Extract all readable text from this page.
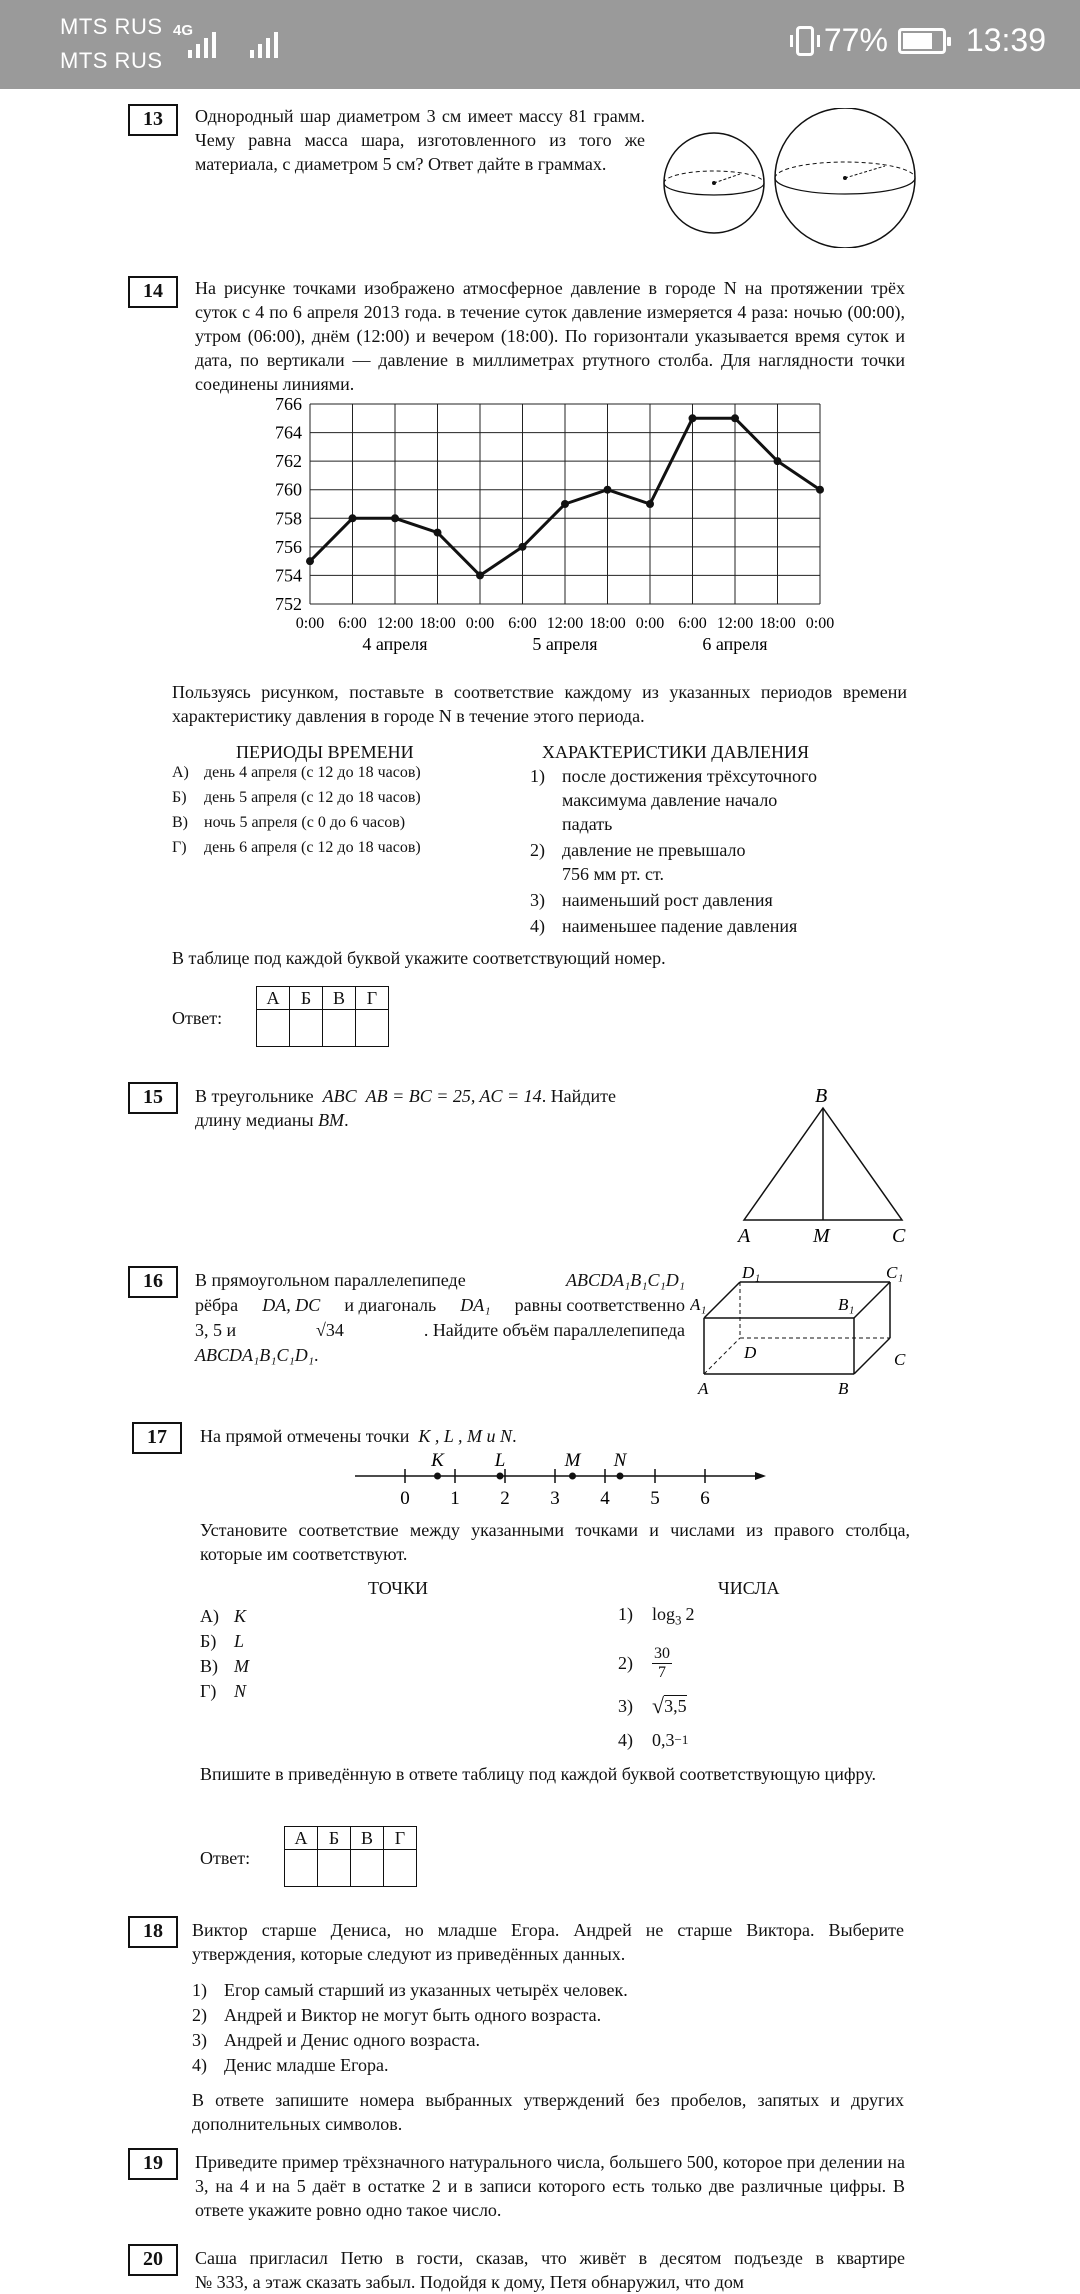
MTS RUS
MTS RUS
4G	77% 13:39
13	Однородный шар диаметром 3 см имеет массу 81 грамм. Чему равна масса шара, изготовленного из того же материала, с диаметром 5 см? Ответ дайте в граммах.
14	На рисунке точками изображено атмосферное давление в городе N на протяжении трёх суток с 4 по 6 апреля 2013 года. в течение суток давление измеряется 4 раза: ночью (00:00), утром (06:00), днём (12:00) и вечером (18:00). По горизонтали указывается время суток и дата, по вертикали — давление в миллиметрах ртутного столба. Для наглядности точки соединены линиями.
752
754
756
758
760
762
764
766
0:00 6:00 12:00 18:00 0:00 6:00 12:00 18:00 0:00 6:00 12:00 18:00 0:00
4 апреля	5 апреля	6 апреля
Пользуясь рисунком, поставьте в соответствие каждому из указанных периодов времени характеристику давления в городе N в течение этого периода.
ПЕРИОДЫ ВРЕМЕНИ	ХАРАКТЕРИСТИКИ ДАВЛЕНИЯ
А) день 4 апреля (с 12 до 18 часов)
Б)	день 5 апреля (с 12 до 18 часов)
В)	ночь 5 апреля (с 0 до 6 часов)
Г)	день 6 апреля (с 12 до 18 часов)
1) после достижения трёхсуточного
максимума давление начало
падать
2) давление не превышало
756 мм рт. ст.
3) наименьший рост давления
4) наименьшее падение давления
В таблице под каждой буквой укажите соответствующий номер.
Ответ:
А	Б	В	Г

15	В треугольнике ABC AB = BC = 25, AC = 14. Найдите
длину медианы BM.
B
A	M	C
16	В прямоугольном параллелепипеде	ABCDA₁B₁C₁D₁
рёбра DA, DC и диагональ DA₁ равны соответственно
3, 5 и	√34	. Найдите объём параллелепипеда
ABCDA₁B₁C₁D₁.
D₁	C₁
A₁	B₁
D	C
A	B
17	На прямой отмечены точки K , L , M и N.
0 1 2 3 4 5 6
K	L	M N
Установите соответствие между указанными точками и числами из правого столбца, которые им соответствуют.
ТОЧКИ	ЧИСЛА
А) K
Б) L
В) M
Г) N
1) $\log_3 2$
2)	30
7
3) √ 3,5
4)	0,3 −1
Впишите в приведённую в ответе таблицу под каждой буквой соответствующую цифру.
Ответ:
А	Б	В	Г

18	Виктор старше Дениса, но младше Егора. Андрей не старше Виктора. Выберите утверждения, которые следуют из приведённых данных.
1) Егор самый старший из указанных четырёх человек.
2) Андрей и Виктор не могут быть одного возраста.
3) Андрей и Денис одного возраста.
4) Денис младше Егора.
В ответе запишите номера выбранных утверждений без пробелов, запятых и других дополнительных символов.
19	Приведите пример трёхзначного натурального числа, большего 500, которое при делении на 3, на 4 и на 5 даёт в остатке 2 и в записи которого есть только две различные цифры. В ответе укажите ровно одно такое число.
20	Саша пригласил Петю в гости, сказав, что живёт в десятом подъезде в квартире
№ 333, а этаж сказать забыл. Подойдя к дому, Петя обнаружил, что дом
